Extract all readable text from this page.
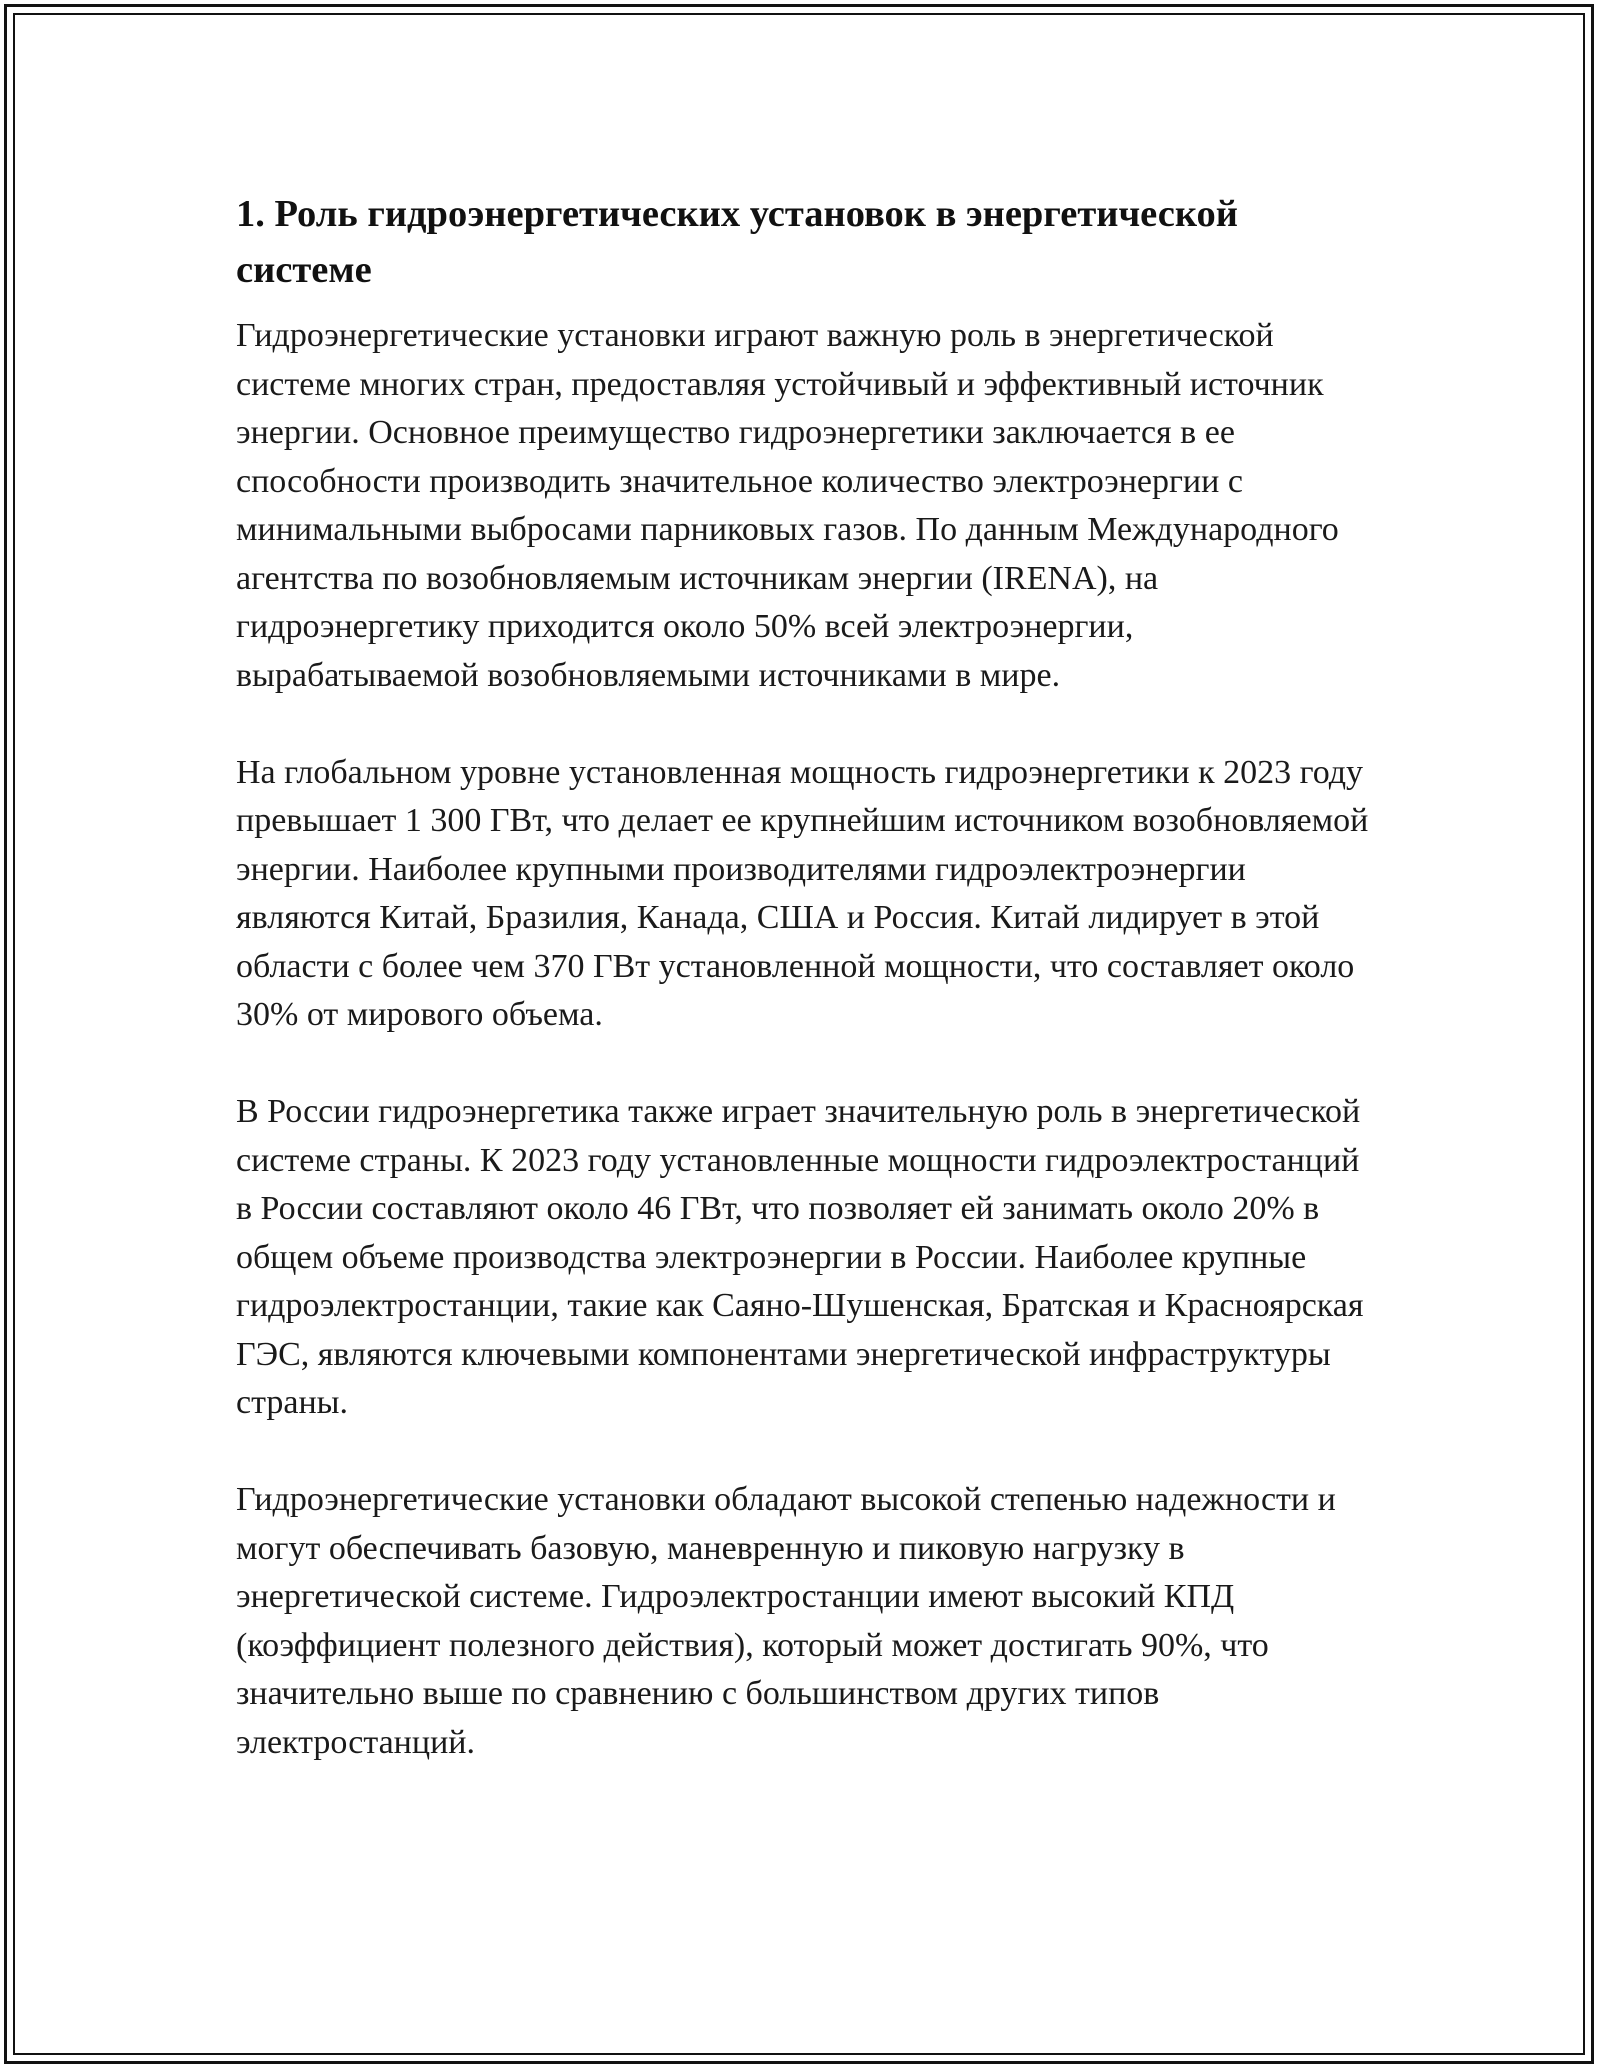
1. Роль гидроэнергетических установок в энергетической системе

Гидроэнергетические установки играют важную роль в энергетической системе многих стран, предоставляя устойчивый и эффективный источник энергии. Основное преимущество гидроэнергетики заключается в ее способности производить значительное количество электроэнергии с минимальными выбросами парниковых газов. По данным Международного агентства по возобновляемым источникам энергии (IRENA), на гидроэнергетику приходится около 50% всей электроэнергии, вырабатываемой возобновляемыми источниками в мире.

На глобальном уровне установленная мощность гидроэнергетики к 2023 году превышает 1 300 ГВт, что делает ее крупнейшим источником возобновляемой энергии. Наиболее крупными производителями гидроэлектроэнергии являются Китай, Бразилия, Канада, США и Россия. Китай лидирует в этой области с более чем 370 ГВт установленной мощности, что составляет около 30% от мирового объема.

В России гидроэнергетика также играет значительную роль в энергетической системе страны. К 2023 году установленные мощности гидроэлектростанций в России составляют около 46 ГВт, что позволяет ей занимать около 20% в общем объеме производства электроэнергии в России. Наиболее крупные гидроэлектростанции, такие как Саяно-Шушенская, Братская и Красноярская ГЭС, являются ключевыми компонентами энергетической инфраструктуры страны.

Гидроэнергетические установки обладают высокой степенью надежности и могут обеспечивать базовую, маневренную и пиковую нагрузку в энергетической системе. Гидроэлектростанции имеют высокий КПД (коэффициент полезного действия), который может достигать 90%, что значительно выше по сравнению с большинством других типов электростанций.
